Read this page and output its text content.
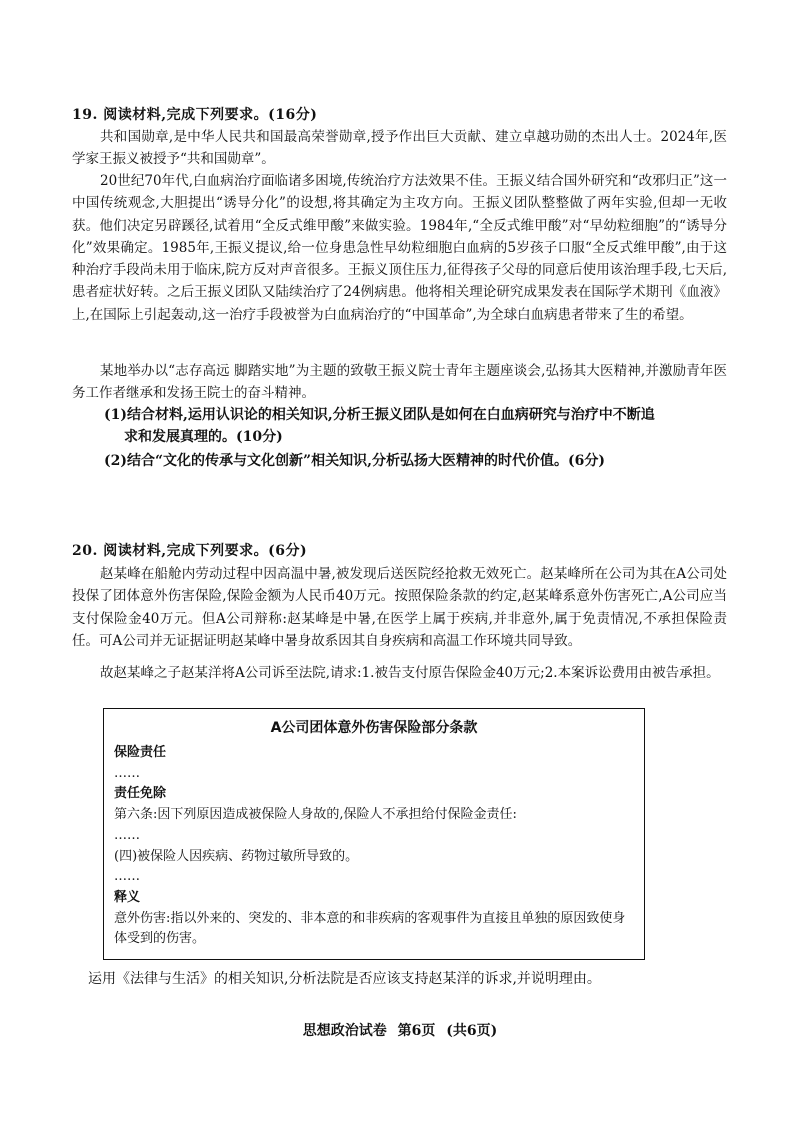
19. 阅读材料,完成下列要求。(16分)

共和国勋章,是中华人民共和国最高荣誉勋章,授予作出巨大贡献、建立卓越功勋的杰出人士。2024年,医学家王振义被授予“共和国勋章”。

20世纪70年代,白血病治疗面临诸多困境,传统治疗方法效果不佳。王振义结合国外研究和“改邪归正”这一中国传统观念,大胆提出“诱导分化”的设想,将其确定为主攻方向。王振义团队整整做了两年实验,但却一无收获。他们决定另辟蹊径,试着用“全反式维甲酸”来做实验。1984年,“全反式维甲酸”对“早幼粒细胞”的“诱导分化”效果确定。1985年,王振义提议,给一位身患急性早幼粒细胞白血病的5岁孩子口服“全反式维甲酸”,由于这种治疗手段尚未用于临床,院方反对声音很多。王振义顶住压力,征得孩子父母的同意后使用该治理手段,七天后,患者症状好转。之后王振义团队又陆续治疗了24例病患。他将相关理论研究成果发表在国际学术期刊《血液》上,在国际上引起轰动,这一治疗手段被誉为白血病治疗的“中国革命”,为全球白血病患者带来了生的希望。

某地举办以“志存高远 脚踏实地”为主题的致敬王振义院士青年主题座谈会,弘扬其大医精神,并激励青年医务工作者继承和发扬王院士的奋斗精神。

(1)结合材料,运用认识论的相关知识,分析王振义团队是如何在白血病研究与治疗中不断追
求和发展真理的。(10分)
(2)结合“文化的传承与文化创新”相关知识,分析弘扬大医精神的时代价值。(6分)
20. 阅读材料,完成下列要求。(6分)

赵某峰在船舱内劳动过程中因高温中暑,被发现后送医院经抢救无效死亡。赵某峰所在公司为其在A公司处投保了团体意外伤害保险,保险金额为人民币40万元。按照保险条款的约定,赵某峰系意外伤害死亡,A公司应当支付保险金40万元。但A公司辩称:赵某峰是中暑,在医学上属于疾病,并非意外,属于免责情况,不承担保险责任。可A公司并无证据证明赵某峰中暑身故系因其自身疾病和高温工作环境共同导致。

故赵某峰之子赵某洋将A公司诉至法院,请求:1.被告支付原告保险金40万元;2.本案诉讼费用由被告承担。

A公司团体意外伤害保险部分条款

保险责任

……

责任免除

第六条:因下列原因造成被保险人身故的,保险人不承担给付保险金责任:

……

(四)被保险人因疾病、药物过敏所导致的。

……

释义

意外伤害:指以外来的、突发的、非本意的和非疾病的客观事件为直接且单独的原因致使身体受到的伤害。

运用《法律与生活》的相关知识,分析法院是否应该支持赵某洋的诉求,并说明理由。

思想政治试卷 第6页 (共6页)
